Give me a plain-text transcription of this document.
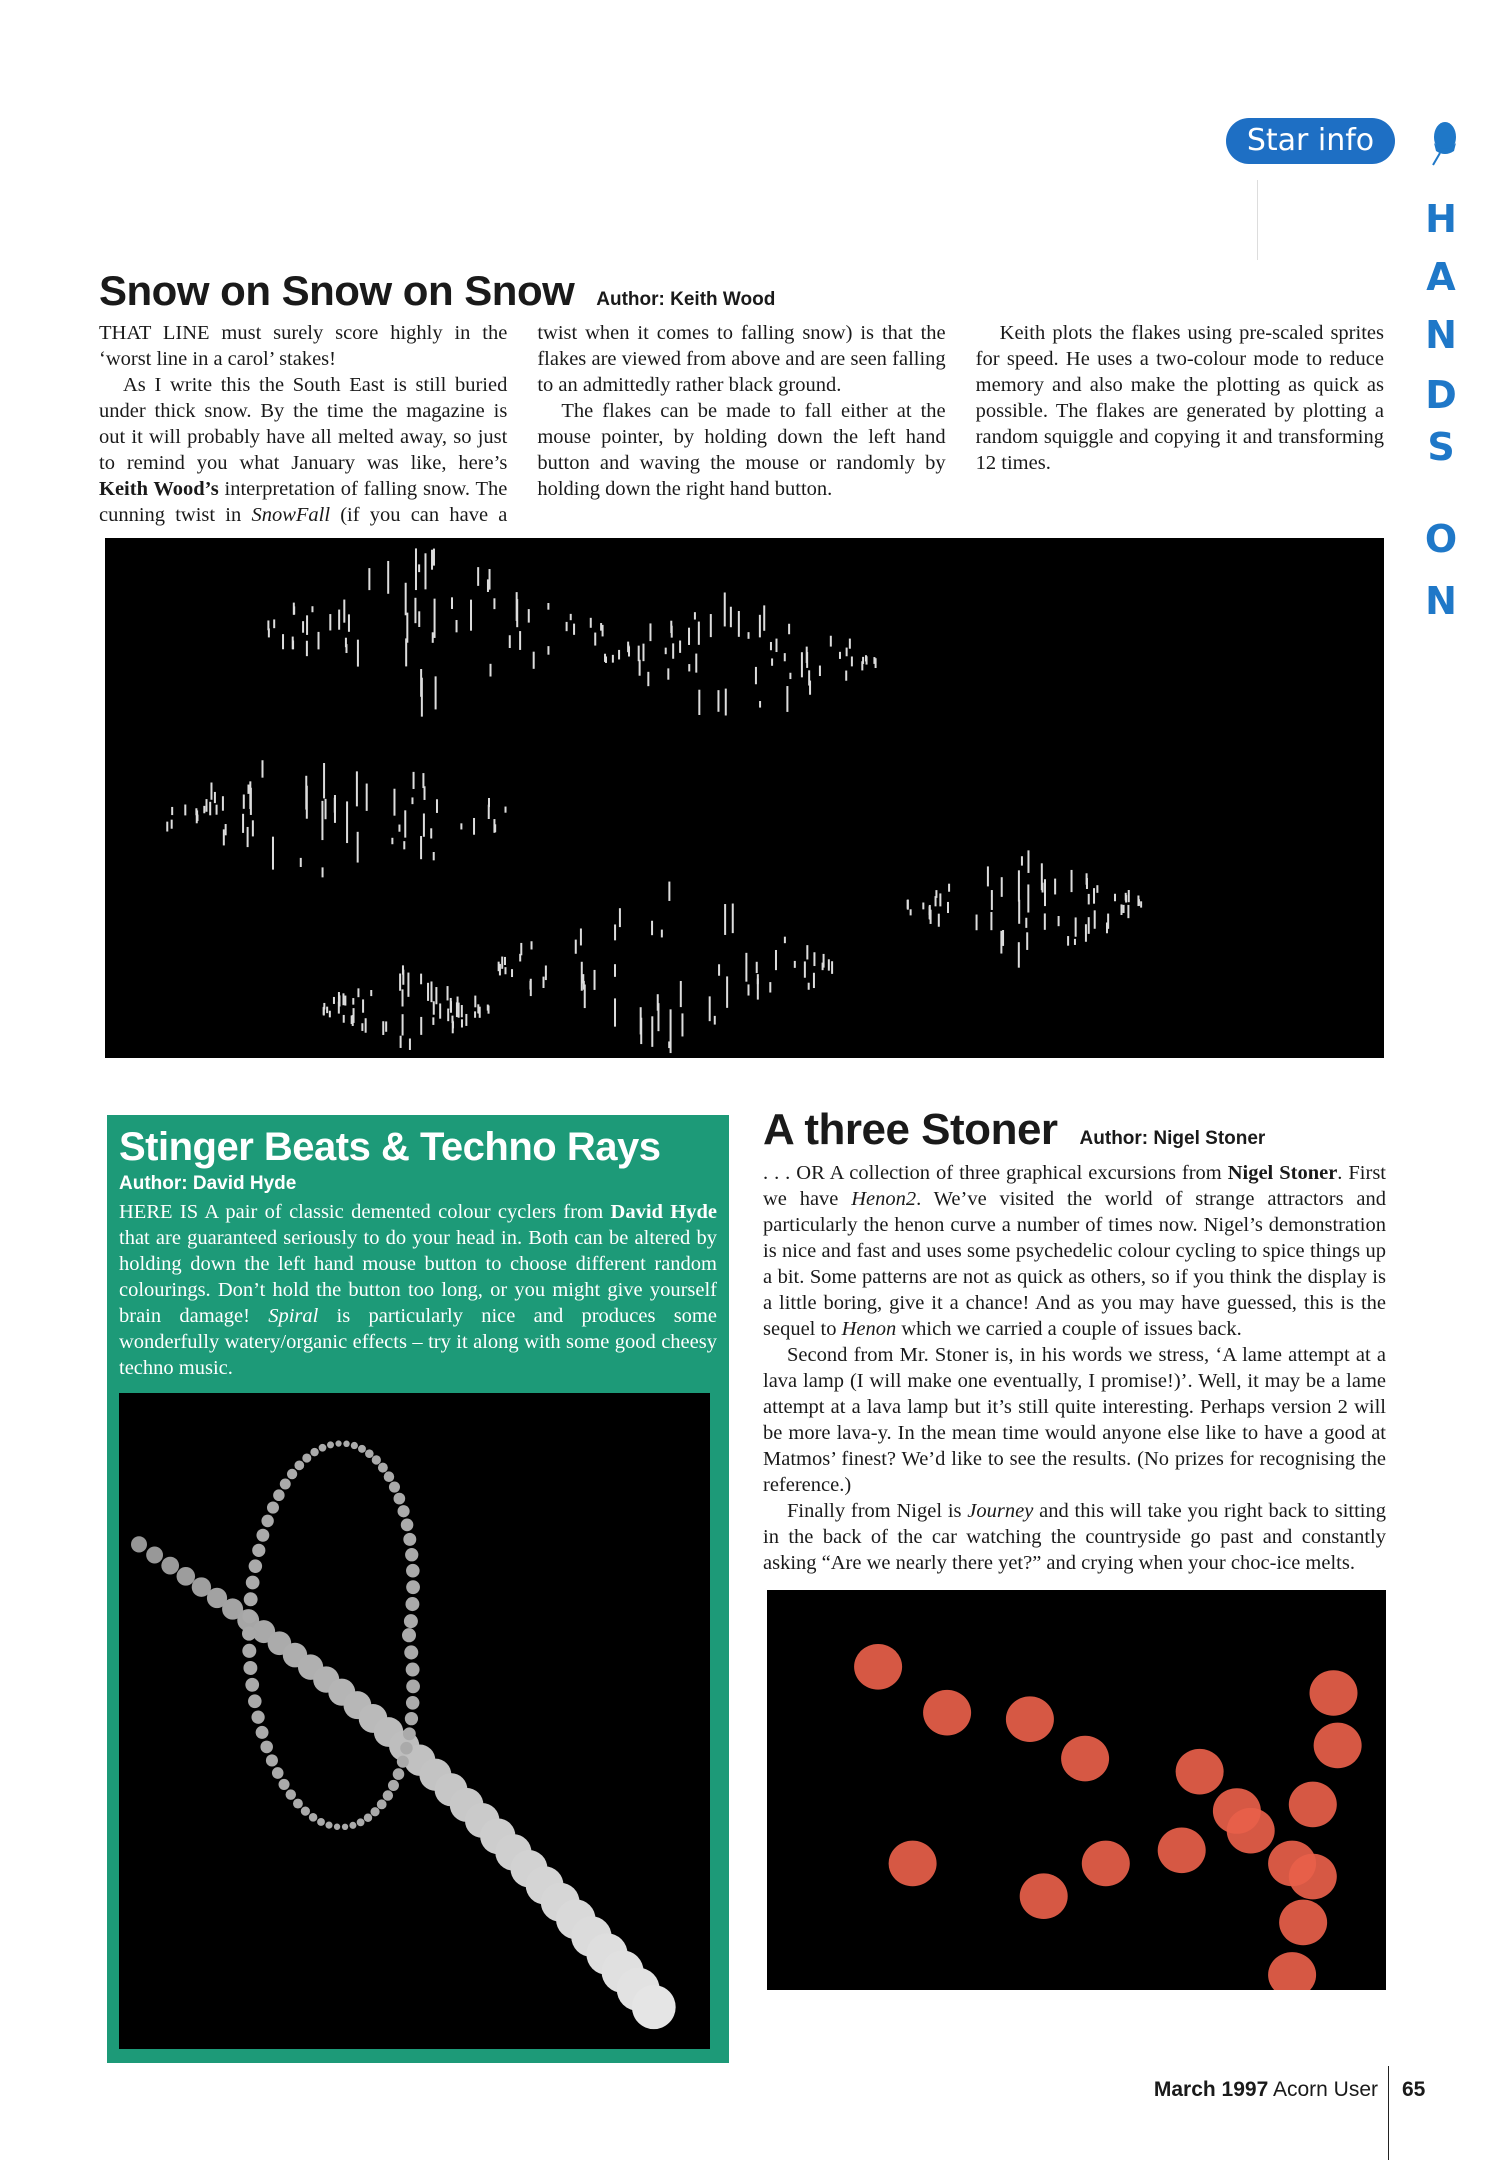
Star info
H
A
N
D
S
O
N
Snow on Snow on Snow Author: Keith Wood

THAT LINE must surely score highly in the ‘worst line in a carol’ stakes!

As I write this the South East is still buried under thick snow. By the time the magazine is out it will probably have all melted away, so just to remind you what January was like, here’s Keith Wood’s interpretation of falling snow. The cunning twist in SnowFall (if you can have a twist when it comes to falling snow) is that the flakes are viewed from above and are seen falling to an admittedly rather black ground.

The flakes can be made to fall either at the mouse pointer, by holding down the left hand button and waving the mouse or randomly by holding down the right hand button.

Keith plots the flakes using pre-scaled sprites for speed. He uses a two-colour mode to reduce memory and also make the plotting as quick as possible. The flakes are generated by plotting a random squiggle and copying it and transforming 12 times.

Stinger Beats & Techno Rays
Author: David Hyde

HERE IS A pair of classic demented colour cyclers from David Hyde that are guaranteed seriously to do your head in. Both can be altered by holding down the left hand mouse button to choose different random colourings. Don’t hold the button too long, or you might give yourself brain damage! Spiral is particularly nice and produces some wonderfully watery/organic effects – try it along with some good cheesy techno music.

A three Stoner Author: Nigel Stoner

. . . OR A collection of three graphical excursions from Nigel Stoner. First we have Henon2. We’ve visited the world of strange attractors and particularly the henon curve a number of times now. Nigel’s demonstration is nice and fast and uses some psychedelic colour cycling to spice things up a bit. Some patterns are not as quick as others, so if you think the display is a little boring, give it a chance! And as you may have guessed, this is the sequel to Henon which we carried a couple of issues back.

Second from Mr. Stoner is, in his words we stress, ‘A lame attempt at a lava lamp (I will make one eventually, I promise!)’. Well, it may be a lame attempt at a lava lamp but it’s still quite interesting. Perhaps version 2 will be more lava-y. In the mean time would anyone else like to have a good at Matmos’ finest? We’d like to see the results. (No prizes for recognising the reference.)

Finally from Nigel is Journey and this will take you right back to sitting in the back of the car watching the countryside go past and constantly asking “Are we nearly there yet?” and crying when your choc-ice melts.

March 1997 Acorn User 65
